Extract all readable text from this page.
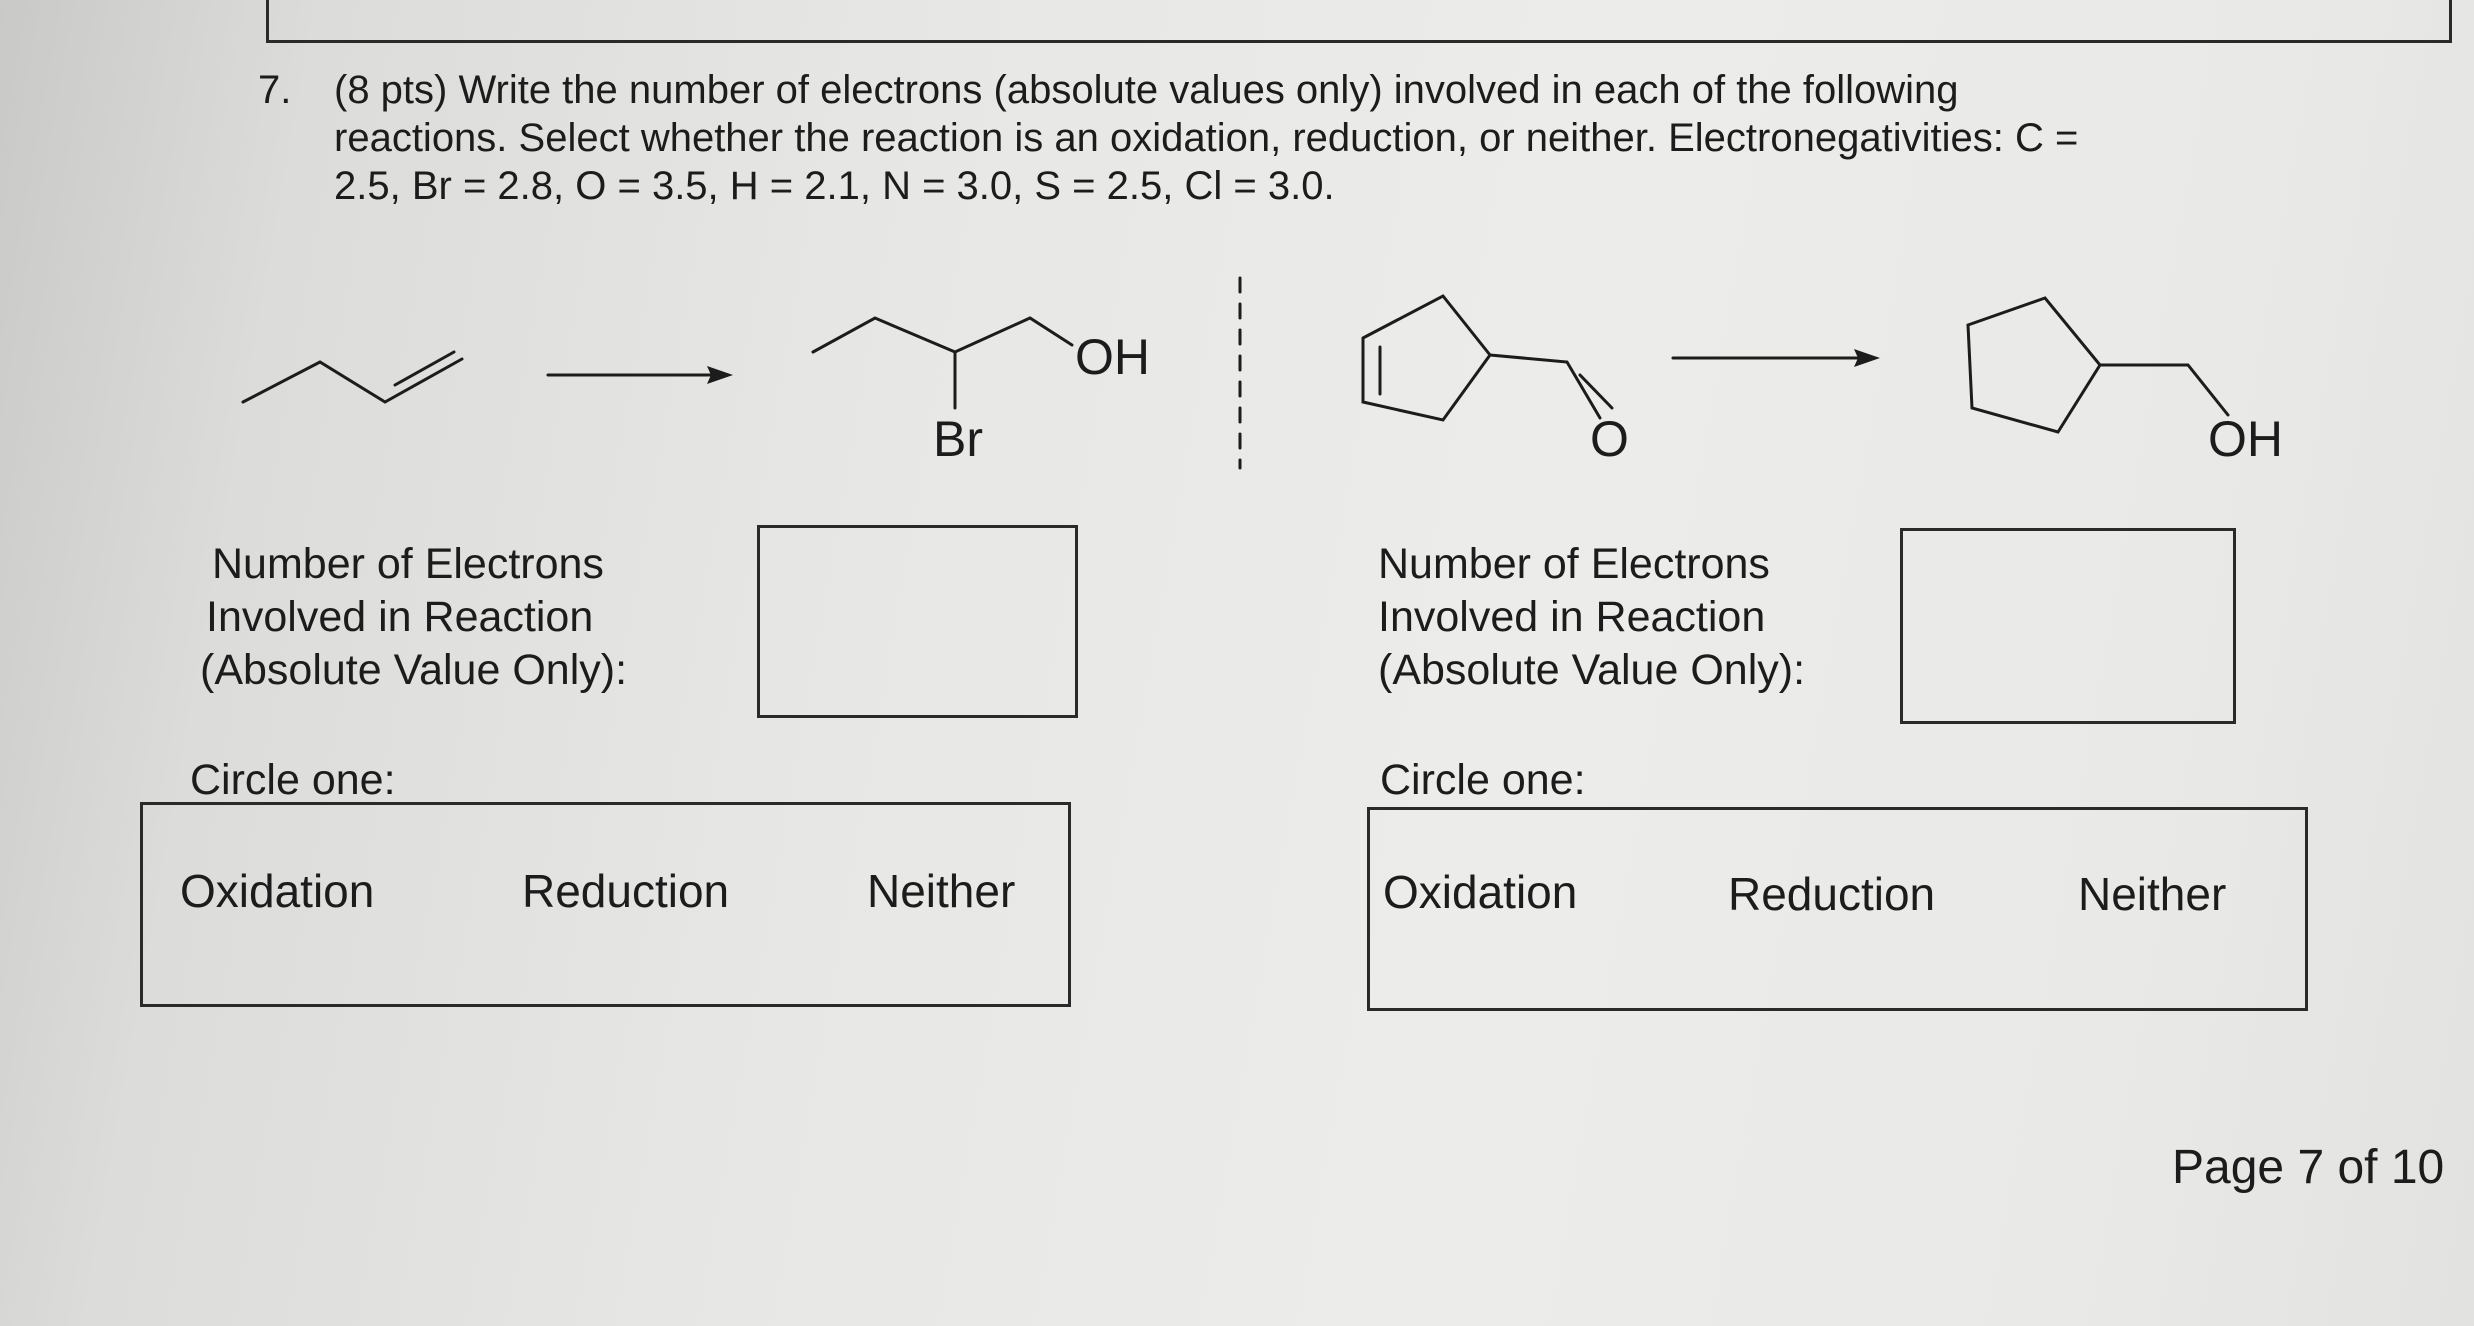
7. (8 pts) Write the number of electrons (absolute values only) involved in each of the following
reactions. Select whether the reaction is an oxidation, reduction, or neither. Electronegativities: C =
2.5, Br = 2.8, O = 3.5, H = 2.1, N = 3.0, S = 2.5, Cl = 3.0.
OH
Br	O	OH
Number of Electrons
Involved in Reaction
(Absolute Value Only):
Circle one:
Oxidation	Reduction	Neither
Number of Electrons
Involved in Reaction
(Absolute Value Only):
Circle one:
Oxidation	Reduction	Neither
Page 7 of 10
